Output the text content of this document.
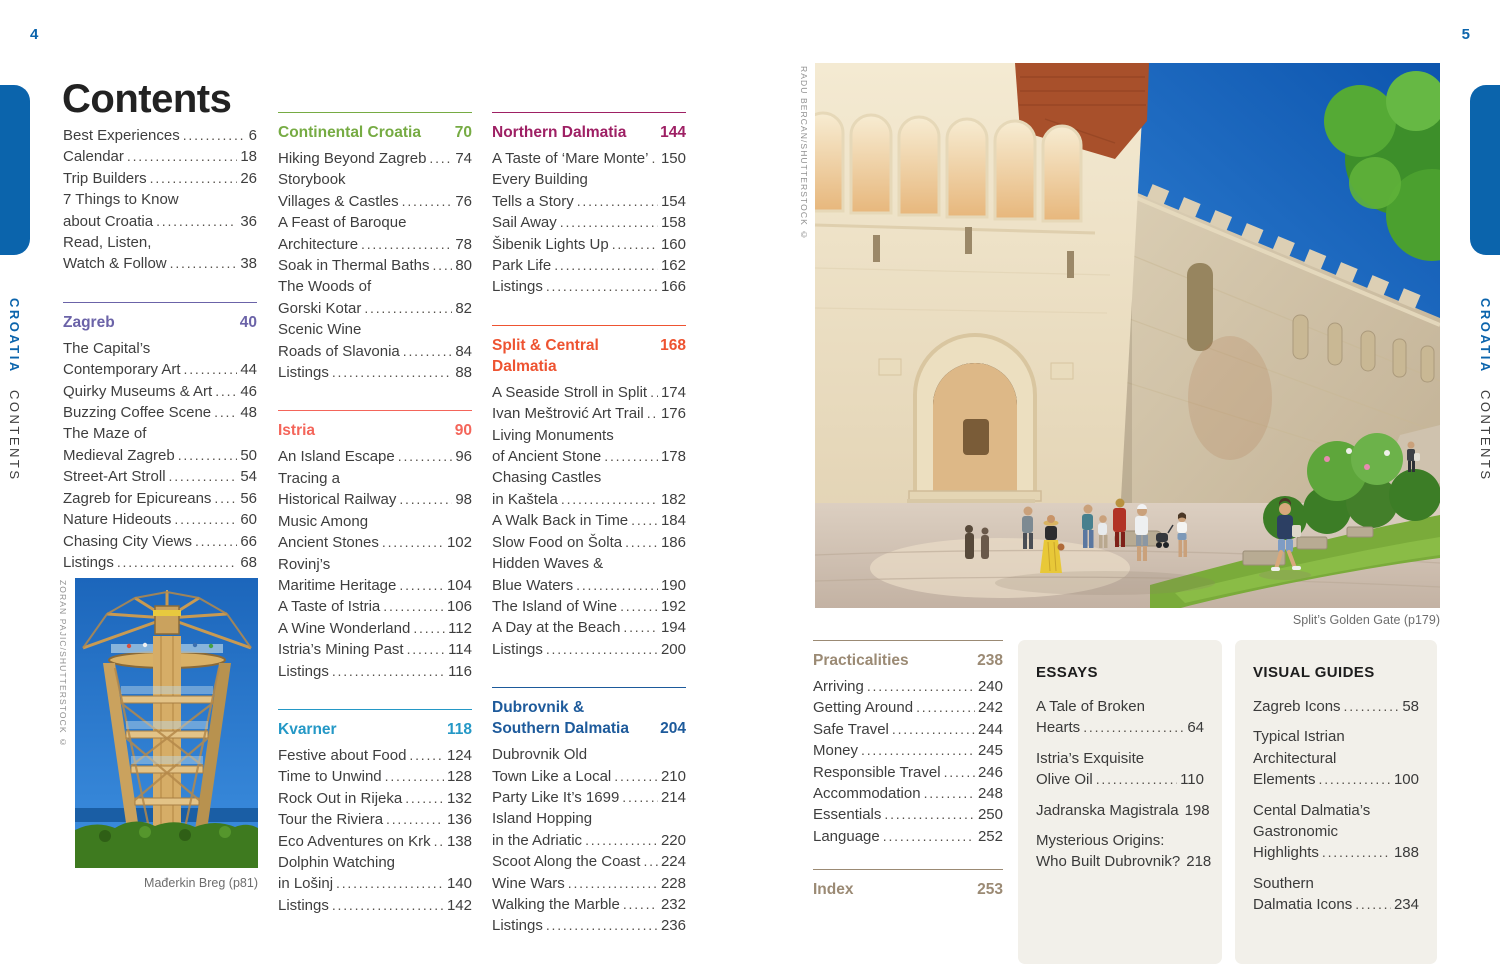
4	5
CROATIACONTENTS
CROATIACONTENTS
Contents
Best Experiences .....	6
Calendar .....	18
Trip Builders .....	26
7 Things to Know
about Croatia .....	36
Read, Listen,
Watch & Follow .....	38
Zagreb	40
The Capital’s
Contemporary Art .....	44
Quirky Museums & Art ..... 46
Buzzing Coffee Scene ..... 48
The Maze of
Medieval Zagreb .....	50
Street-Art Stroll .....	54
Zagreb for Epicureans ..... 56
Nature Hideouts .....	60
Chasing City Views .....	66
Listings .....	68
Continental Croatia 70
Hiking Beyond Zagreb ..... 74
Storybook
Villages & Castles .....	76
A Feast of Baroque
Architecture .....	78
Soak in Thermal Baths ..... 80
The Woods of
Gorski Kotar .....	82
Scenic Wine
Roads of Slavonia .....	84
Listings .....	88
Istria	90
An Island Escape .....	96
Tracing a
Historical Railway .....	98
Music Among
Ancient Stones .....	102
Rovinj’s
Maritime Heritage .....	104
A Taste of Istria .....	106
A Wine Wonderland .....	112
Istria’s Mining Past .....	114
Listings .....	116
Kvarner	118
Festive about Food .....	124
Time to Unwind .....	128
Rock Out in Rijeka .....	132
Tour the Riviera .....	136
Eco Adventures on Krk ..... 138
Dolphin Watching
in Lošinj .....	140
Listings .....	142
Northern Dalmatia 144
A Taste of ‘Mare Monte’ ..... 150
Every Building
Tells a Story .....	154
Sail Away .....	158
Šibenik Lights Up .....	160
Park Life .....	162
Listings .....	166
Split & Central Dalmatia
168
A Seaside Stroll in Split ..... 174
Ivan Meštrović Art Trail ..... 176
Living Monuments
of Ancient Stone .....	178
Chasing Castles
in Kaštela .....	182
A Walk Back in Time ..... 184
Slow Food on Šolta .....	186
Hidden Waves &
Blue Waters .....	190
The Island of Wine .....	192
A Day at the Beach .....	194
Listings .....	200
Dubrovnik &
Southern Dalmatia 204
Dubrovnik Old
Town Like a Local .....	210
Party Like It’s 1699 .....	214
Island Hopping
in the Adriatic .....	220
Scoot Along the Coast ..... 224
Wine Wars .....	228
Walking the Marble .....	232
Listings .....	236
Practicalities	238
Arriving .....	240
Getting Around .....	242
Safe Travel .....	244
Money .....	245
Responsible Travel ..... 246
Accommodation .....	248
Essentials .....	250
Language .....	252
Index	253
ESSAYS
A Tale of Broken
Hearts .....	64
Istria’s Exquisite
Olive Oil .....	110
Jadranska Magistrala 198
Mysterious Origins:
Who Built Dubrovnik? 218
VISUAL GUIDES
Zagreb Icons .....	58
Typical Istrian
Architectural
Elements .....	100
Cental Dalmatia’s
Gastronomic
Highlights .....	188
Southern
Dalmatia Icons .....	234
RADU BERCAN/SHUTTERSTOCK ©
Split’s Golden Gate (p179)
ZORAN PAJIC/SHUTTERSTOCK ©
Mađerkin Breg (p81)
